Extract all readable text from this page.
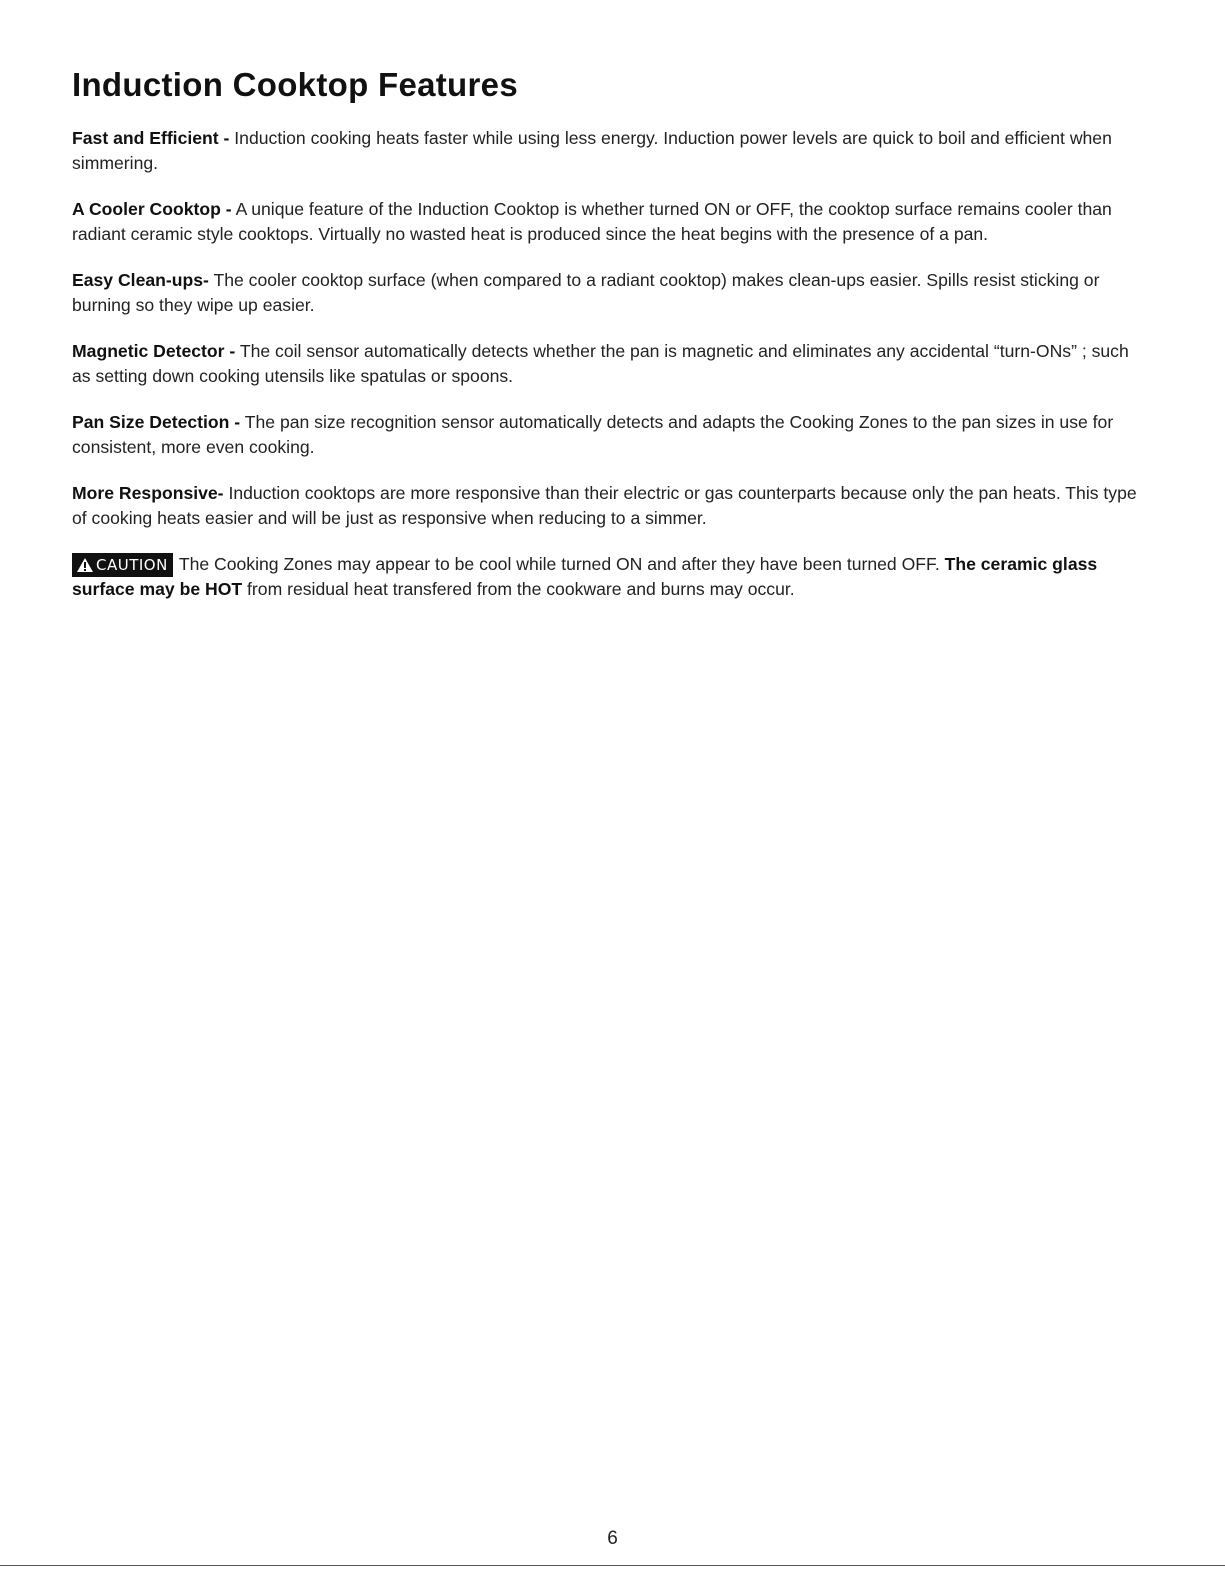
Induction Cooktop Features

Fast and Efficient - Induction cooking heats faster while using less energy. Induction power levels are quick to boil and efficient when simmering.

A Cooler Cooktop - A unique feature of the Induction Cooktop is whether turned ON or OFF, the cooktop surface remains cooler than radiant ceramic style cooktops. Virtually no wasted heat is produced since the heat begins with the presence of a pan.

Easy Clean-ups- The cooler cooktop surface (when compared to a radiant cooktop) makes clean-ups easier. Spills resist sticking or burning so they wipe up easier.

Magnetic Detector - The coil sensor automatically detects whether the pan is magnetic and eliminates any accidental “turn-ONs” ; such as setting down cooking utensils like spatulas or spoons.

Pan Size Detection - The pan size recognition sensor automatically detects and adapts the Cooking Zones to the pan sizes in use for consistent, more even cooking.

More Responsive- Induction cooktops are more responsive than their electric or gas counterparts because only the pan heats. This type of cooking heats easier and will be just as responsive when reducing to a simmer.

CAUTION The Cooking Zones may appear to be cool while turned ON and after they have been turned OFF. The ceramic glass surface may be HOT from residual heat transfered from the cookware and burns may occur.

6
